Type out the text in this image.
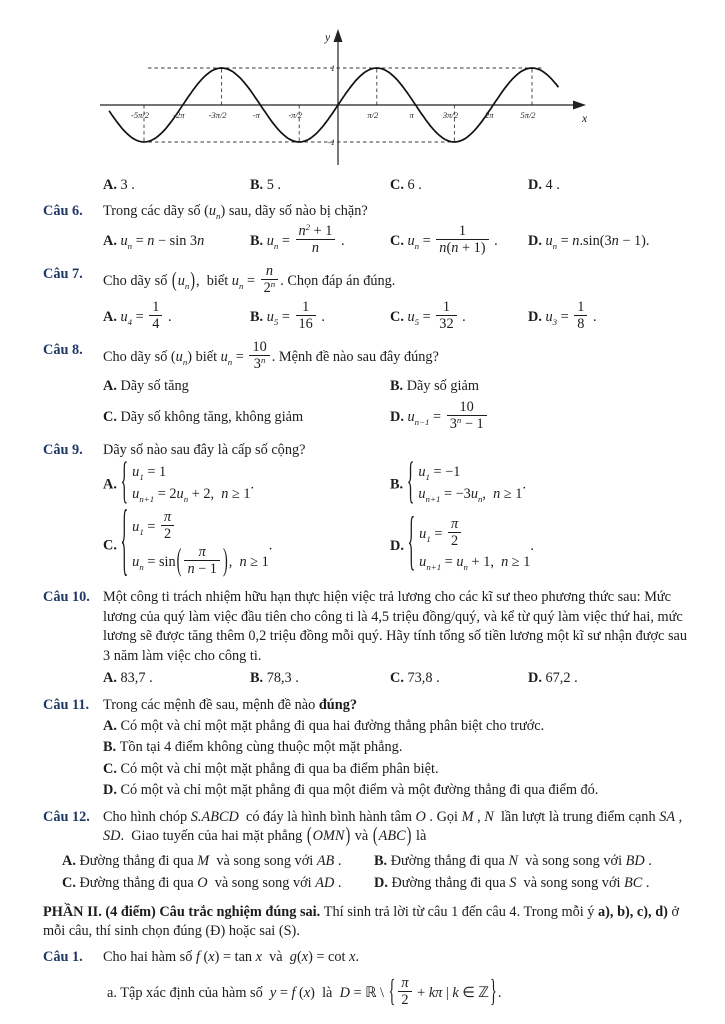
-5π/2	-2π	-3π/2	-π	-π/2	π/2	π	3π/2	2π	5π/2
1
-1
y
x
A. 3 .	B. 5 .	C. 6 .	D. 4 .
Câu 6.	Trong các dãy số $(u_n)$ sau, dãy số nào bị chặn?
A. $u_n = n - \sin 3n$	B. $u_n = \frac{n^2 + 1}{n}$ .	C. $u_n = \frac{1}{n(n + 1)}$ .	D. $u_n = n.\sin(3n - 1)$.
Câu 7.	Cho dãy số $(u_n)$,  biết $u_n = \frac{n}{2^n}$ . Chọn đáp án đúng.
A. $u_4 = \frac{1}{4}$ .	B. $u_5 = \frac{1}{16}$ .	C. $u_5 = \frac{1}{32}$ .	D. $u_3 = \frac{1}{8}$ .
Câu 8.	Cho dãy số $(u_n)$ biết $u_n = \frac{10}{3^n}$ . Mệnh đề nào sau đây đúng?
A. Dãy số tăng	B. Dãy số giảm
C. Dãy số không tăng, không giảm	D. $u_{n-1} = \frac{10}{3^n - 1}$
Câu 9.	Dãy số nào sau đây là cấp số cộng?
A. { $u_1 = 1$
$u_{n+1} = 2u_n + 2$,  n ≥ 1
.	B. { $u_1 = -1$
$u_{n+1} = -3u_n$,  n ≥ 1
.
C. { $u_1 = \frac{\pi}{2}$
$u_n = \sin( \frac{\pi}{n - 1}$ ),  n ≥ 1
.	D. { $u_1 = \frac{\pi}{2}$
$u_{n+1} = u_n + 1$,  n ≥ 1
.
Câu 10. Một công ti trách nhiệm hữu hạn thực hiện việc trả lương cho các kĩ sư theo phương thức sau: Mức lương của quý làm việc đầu tiên cho công ti là 4,5 triệu đồng/quý, và kể từ quý làm việc thứ hai, mức lương sẽ được tăng thêm 0,2 triệu đồng mỗi quý. Hãy tính tổng số tiền lương một kĩ sư nhận được sau 3 năm làm việc cho công ti.
A. 83,7 .	B. 78,3 .	C. 73,8 .	D. 67,2 .
Câu 11. Trong các mệnh đề sau, mệnh đề nào đúng?
A. Có một và chỉ một mặt phẳng đi qua hai đường thẳng phân biệt cho trước.
B. Tồn tại 4 điểm không cùng thuộc một mặt phẳng.
C. Có một và chỉ một mặt phẳng đi qua ba điểm phân biệt.
D. Có một và chỉ một mặt phẳng đi qua một điểm và một đường thẳng đi qua điểm đó.
Câu 12. Cho hình chóp S.ABCD  có đáy là hình bình hành tâm O . Gọi M , N  lần lượt là trung điểm cạnh SA , SD.  Giao tuyến của hai mặt phẳng (OMN) và (ABC) là
A. Đường thẳng đi qua M  và song song với AB .	B. Đường thẳng đi qua N  và song song với BD .
C. Đường thẳng đi qua O  và song song với AD .	D. Đường thẳng đi qua S  và song song với BC .
PHẦN II. (4 điểm) Câu trắc nghiệm đúng sai. Thí sinh trả lời từ câu 1 đến câu 4. Trong mỗi ý a), b), c), d) ở mỗi câu, thí sinh chọn đúng (Đ) hoặc sai (S).
Câu 1.	Cho hai hàm số f (x) = tan x  và  g(x) = cot x.
a. Tập xác định của hàm số  y = f (x)  là  D = ℝ \ { $\frac{\pi}{2} + k\pi$ | k ∈ ℤ}.
